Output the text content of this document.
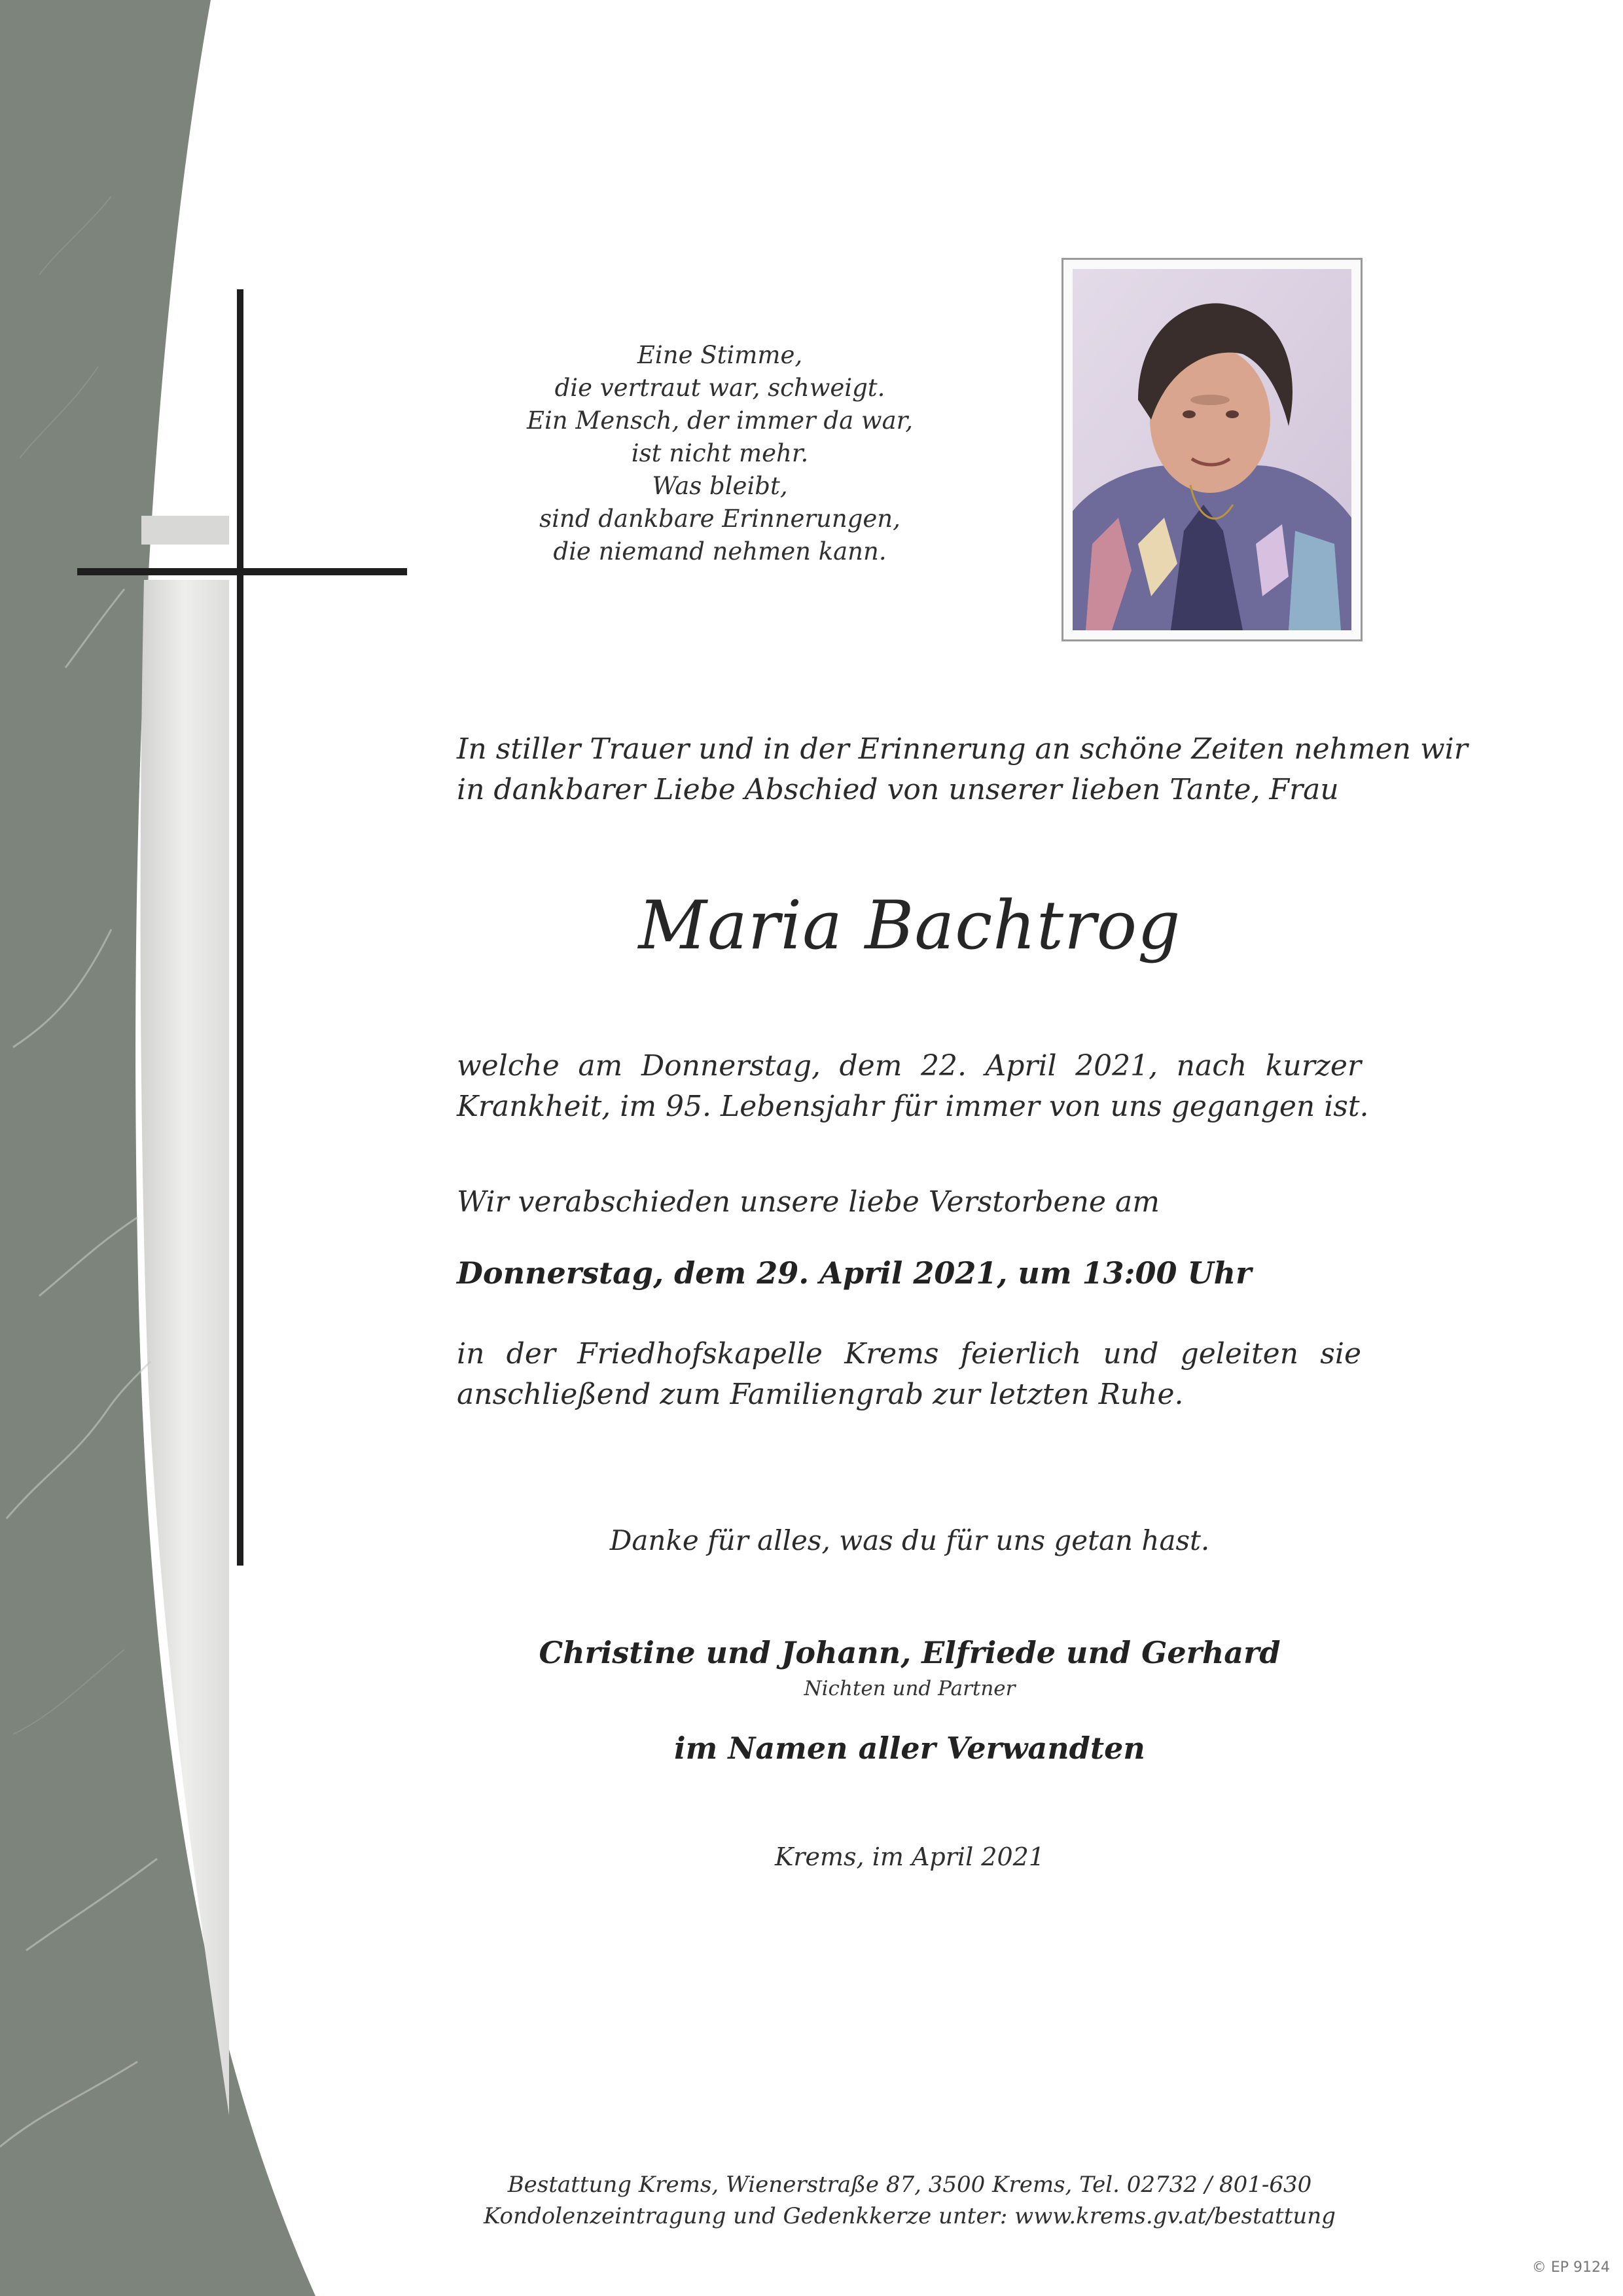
Eine Stimme,
die vertraut war, schweigt.
Ein Mensch, der immer da war,
ist nicht mehr.
Was bleibt,
sind dankbare Erinnerungen,
die niemand nehmen kann.
In stiller Trauer und in der Erinnerung an schöne Zeiten nehmen wir
in dankbarer Liebe Abschied von unserer lieben Tante, Frau
Maria Bachtrog
welche am Donnerstag, dem 22. April 2021, nach kurzer
Krankheit, im 95. Lebensjahr für immer von uns gegangen ist.
Wir verabschieden unsere liebe Verstorbene am
Donnerstag, dem 29. April 2021, um 13:00 Uhr
in der Friedhofskapelle Krems feierlich und geleiten sie
anschließend zum Familiengrab zur letzten Ruhe.
Danke für alles, was du für uns getan hast.
Christine und Johann, Elfriede und Gerhard
Nichten und Partner
im Namen aller Verwandten
Krems, im April 2021
Bestattung Krems, Wienerstraße 87, 3500 Krems, Tel. 02732 / 801-630
Kondolenzeintragung und Gedenkkerze unter: www.krems.gv.at/bestattung
© EP 9124
